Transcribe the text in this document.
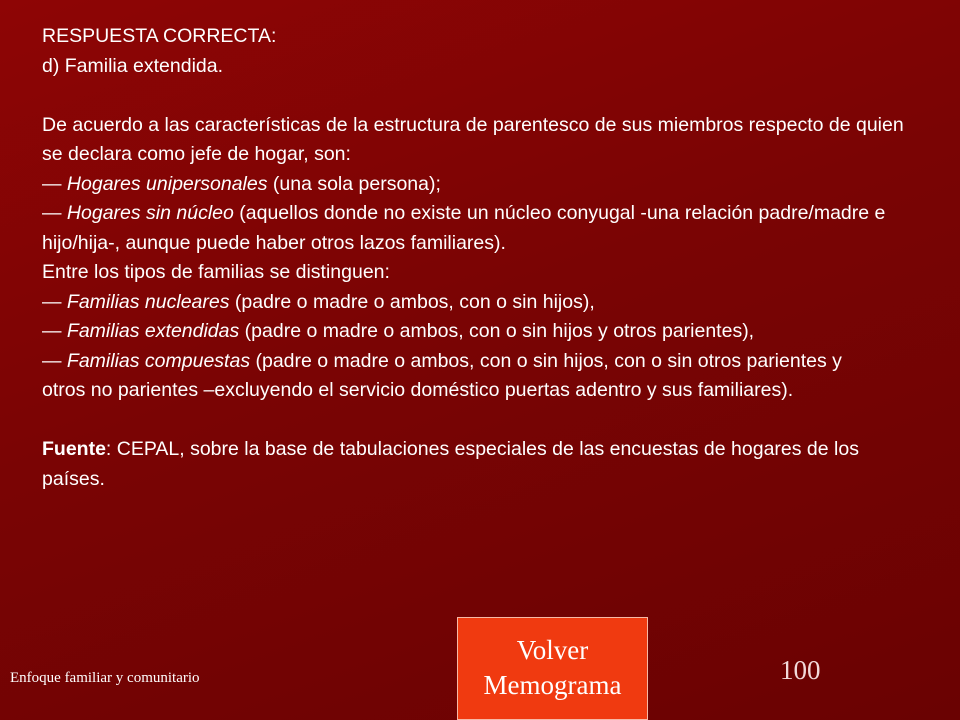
RESPUESTA CORRECTA:

d) Familia extendida.

De acuerdo a las características de la estructura de parentesco de sus miembros respecto de quien se declara como jefe de hogar, son:

— Hogares unipersonales (una sola persona);

— Hogares sin núcleo (aquellos donde no existe un núcleo conyugal -una relación padre/madre e hijo/hija-, aunque puede haber otros lazos familiares).

Entre los tipos de familias se distinguen:

— Familias nucleares (padre o madre o ambos, con o sin hijos),

— Familias extendidas (padre o madre o ambos, con o sin hijos y otros parientes),

— Familias compuestas (padre o madre o ambos, con o sin hijos, con o sin otros parientes y

otros no parientes –excluyendo el servicio doméstico puertas adentro y sus familiares).

Fuente: CEPAL, sobre la base de tabulaciones especiales de las encuestas de hogares de los países.

Enfoque familiar y comunitario	100
Volver
Memograma
